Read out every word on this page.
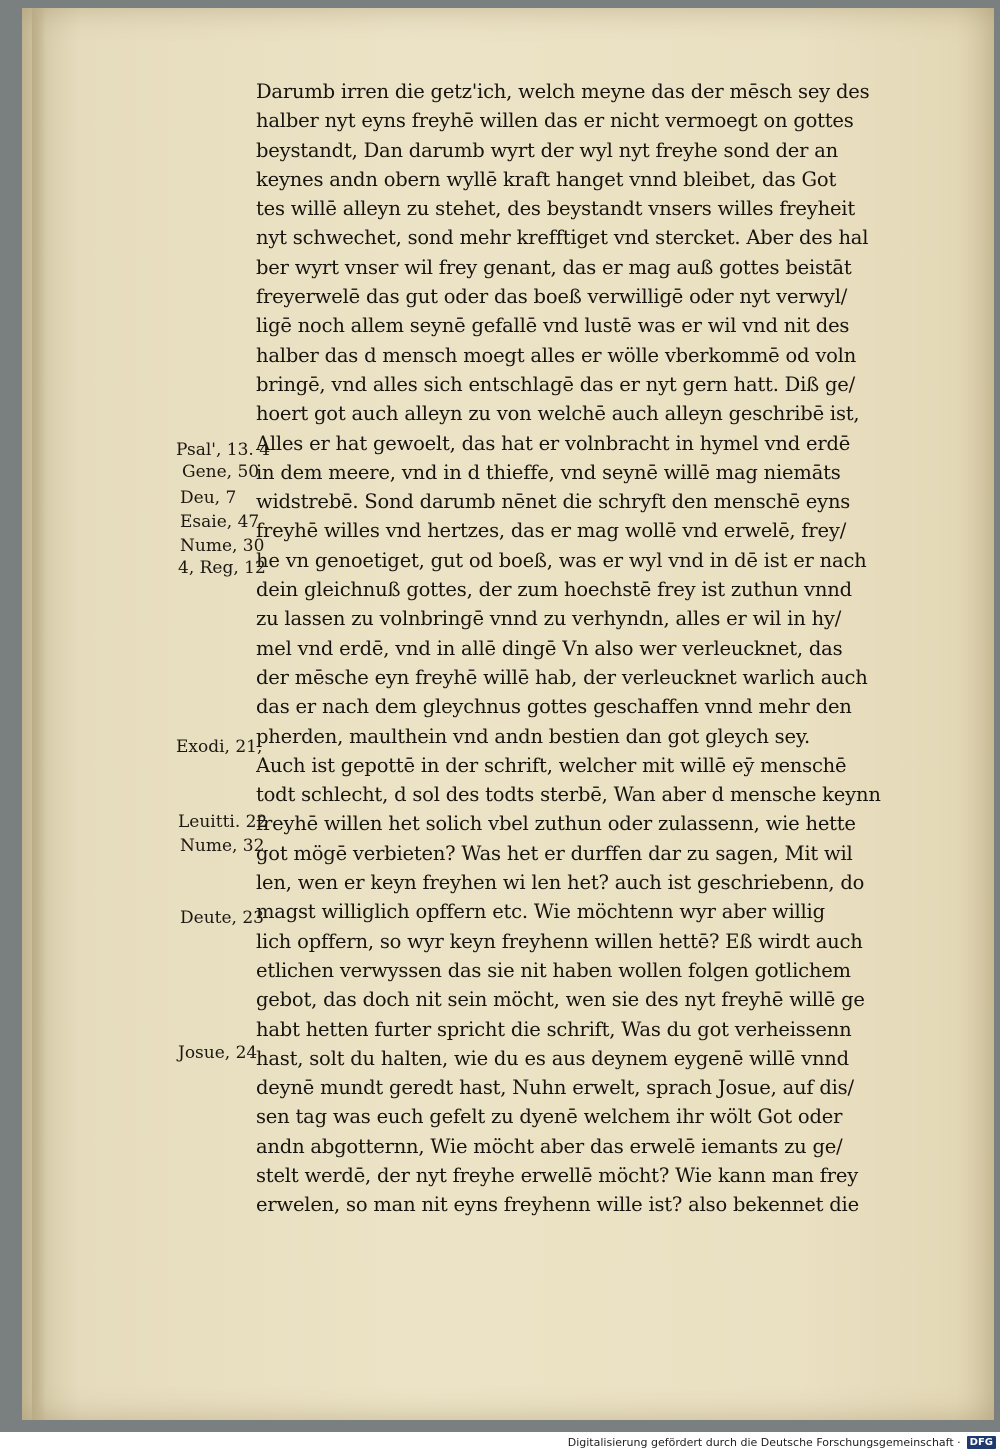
Darumb irren die getz'ich, welch meyne das der mēsch sey des
halber nyt eyns freyhē willen das er nicht vermoegt on gottes
beystandt, Dan darumb wyrt der wyl nyt freyhe sond der an
keynes andn obern wyllē kraft hanget vnnd bleibet, das Got
tes willē alleyn zu stehet, des beystandt vnsers willes freyheit
nyt schwechet, sond mehr krefftiget vnd stercket. Aber des hal
ber wyrt vnser wil frey genant, das er mag auß gottes beistāt
freyerwelē das gut oder das boeß verwilligē oder nyt verwyl/
ligē noch allem seynē gefallē vnd lustē was er wil vnd nit des
halber das d mensch moegt alles er wölle vberkommē od voln
bringē, vnd alles sich entschlagē das er nyt gern hatt. Diß ge/
hoert got auch alleyn zu von welchē auch alleyn geschribē ist,
Alles er hat gewoelt, das hat er volnbracht in hymel vnd erdē
in dem meere, vnd in d thieffe, vnd seynē willē mag niemāts
widstrebē. Sond darumb nēnet die schryft den menschē eyns
freyhē willes vnd hertzes, das er mag wollē vnd erwelē, frey/
he vn genoetiget, gut od boeß, was er wyl vnd in dē ist er nach
dein gleichnuß gottes, der zum hoechstē frey ist zuthun vnnd
zu lassen zu volnbringē vnnd zu verhyndn, alles er wil in hy/
mel vnd erdē, vnd in allē dingē Vn also wer verleucknet, das
der mēsche eyn freyhē willē hab, der verleucknet warlich auch
das er nach dem gleychnus gottes geschaffen vnnd mehr den
pherden, maulthein vnd andn bestien dan got gleych sey.
Auch ist gepottē in der schrift, welcher mit willē eȳ menschē
todt schlecht, d sol des todts sterbē, Wan aber d mensche keynn
freyhē willen het solich vbel zuthun oder zulassenn, wie hette
got mögē verbieten? Was het er durffen dar zu sagen, Mit wil
len, wen er keyn freyhen wi len het? auch ist geschriebenn, do
magst williglich opffern etc. Wie möchtenn wyr aber willig
lich opffern, so wyr keyn freyhenn willen hettē? Eß wirdt auch
etlichen verwyssen das sie nit haben wollen folgen gotlichem
gebot, das doch nit sein möcht, wen sie des nyt freyhē willē ge
habt hetten furter spricht die schrift, Was du got verheissenn
hast, solt du halten, wie du es aus deynem eygenē willē vnnd
deynē mundt geredt hast, Nuhn erwelt, sprach Josue, auf dis/
sen tag was euch gefelt zu dyenē welchem ihr wölt Got oder
andn abgotternn, Wie möcht aber das erwelē iemants zu ge/
stelt werdē, der nyt freyhe erwellē möcht? Wie kann man frey
erwelen, so man nit eyns freyhenn wille ist? also bekennet die
Psal', 13. 4
Gene, 50
Deu, 7
Esaie, 47
Nume, 30
4, Reg, 12
Exodi, 21,
Leuitti. 22
Nume, 32
Deute, 23
Josue, 24
Digitalisierung gefördert durch die Deutsche Forschungsgemeinschaft · DFG
